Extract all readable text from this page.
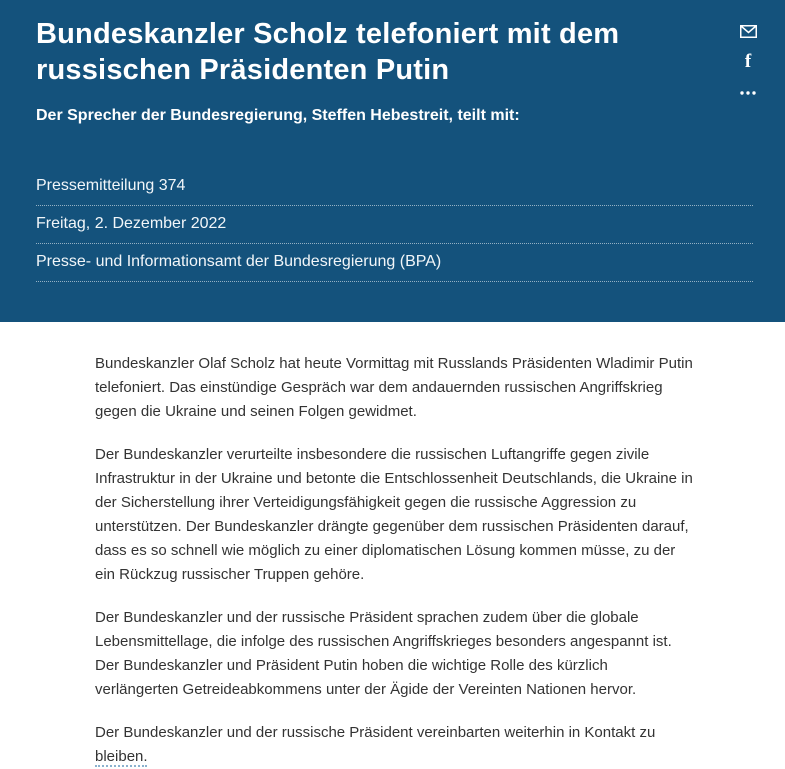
f
Bundeskanzler Scholz telefoniert mit dem
russischen Präsidenten Putin
Der Sprecher der Bundesregierung, Steffen Hebestreit, teilt mit:
Pressemitteilung 374
Freitag, 2. Dezember 2022
Presse- und Informationsamt der Bundesregierung (BPA)

Bundeskanzler Olaf Scholz hat heute Vormittag mit Russlands Präsidenten Wladimir Putin telefoniert. Das einstündige Gespräch war dem andauernden russischen Angriffskrieg gegen die Ukraine und seinen Folgen gewidmet.

Der Bundeskanzler verurteilte insbesondere die russischen Luftangriffe gegen zivile Infrastruktur in der Ukraine und betonte die Entschlossenheit Deutschlands, die Ukraine in der Sicherstellung ihrer Verteidigungsfähigkeit gegen die russische Aggression zu unterstützen. Der Bundeskanzler drängte gegenüber dem russischen Präsidenten darauf, dass es so schnell wie möglich zu einer diplomatischen Lösung kommen müsse, zu der ein Rückzug russischer Truppen gehöre.

Der Bundeskanzler und der russische Präsident sprachen zudem über die globale Lebensmittellage, die infolge des russischen Angriffskrieges besonders angespannt ist. Der Bundeskanzler und Präsident Putin hoben die wichtige Rolle des kürzlich verlängerten Getreideabkommens unter der Ägide der Vereinten Nationen hervor.

Der Bundeskanzler und der russische Präsident vereinbarten weiterhin in Kontakt zu bleiben.
